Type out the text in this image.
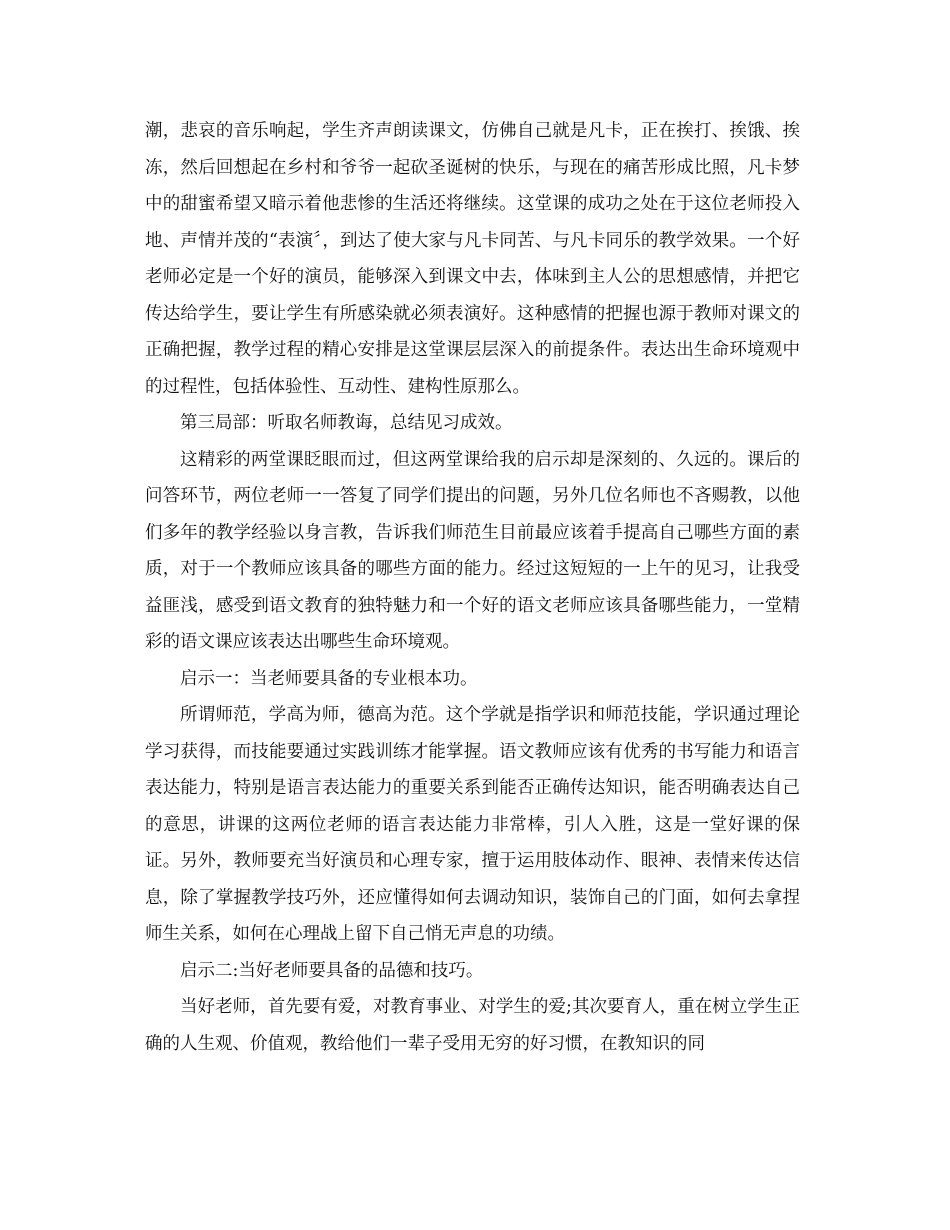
潮，悲哀的音乐响起，学生齐声朗读课文，仿佛自己就是凡卡，正在挨打、挨饿、挨冻，然后回想起在乡村和爷爷一起砍圣诞树的快乐，与现在的痛苦形成比照，凡卡梦中的甜蜜希望又暗示着他悲惨的生活还将继续。这堂课的成功之处在于这位老师投入地、声情并茂的“表演〞，到达了使大家与凡卡同苦、与凡卡同乐的教学效果。一个好老师必定是一个好的演员，能够深入到课文中去，体味到主人公的思想感情，并把它传达给学生，要让学生有所感染就必须表演好。这种感情的把握也源于教师对课文的正确把握，教学过程的精心安排是这堂课层层深入的前提条件。表达出生命环境观中的过程性，包括体验性、互动性、建构性原那么。

第三局部：听取名师教诲，总结见习成效。

这精彩的两堂课眨眼而过，但这两堂课给我的启示却是深刻的、久远的。课后的问答环节，两位老师一一答复了同学们提出的问题，另外几位名师也不吝赐教，以他们多年的教学经验以身言教，告诉我们师范生目前最应该着手提高自己哪些方面的素质，对于一个教师应该具备的哪些方面的能力。经过这短短的一上午的见习，让我受益匪浅，感受到语文教育的独特魅力和一个好的语文老师应该具备哪些能力，一堂精彩的语文课应该表达出哪些生命环境观。

启示一：当老师要具备的专业根本功。

所谓师范，学高为师，德高为范。这个学就是指学识和师范技能，学识通过理论学习获得，而技能要通过实践训练才能掌握。语文教师应该有优秀的书写能力和语言表达能力，特别是语言表达能力的重要关系到能否正确传达知识，能否明确表达自己的意思，讲课的这两位老师的语言表达能力非常棒，引人入胜，这是一堂好课的保证。另外，教师要充当好演员和心理专家，擅于运用肢体动作、眼神、表情来传达信息，除了掌握教学技巧外，还应懂得如何去调动知识，装饰自己的门面，如何去拿捏师生关系，如何在心理战上留下自己悄无声息的功绩。

启示二:当好老师要具备的品德和技巧。

当好老师，首先要有爱，对教育事业、对学生的爱;其次要育人，重在树立学生正确的人生观、价值观，教给他们一辈子受用无穷的好习惯，在教知识的同
